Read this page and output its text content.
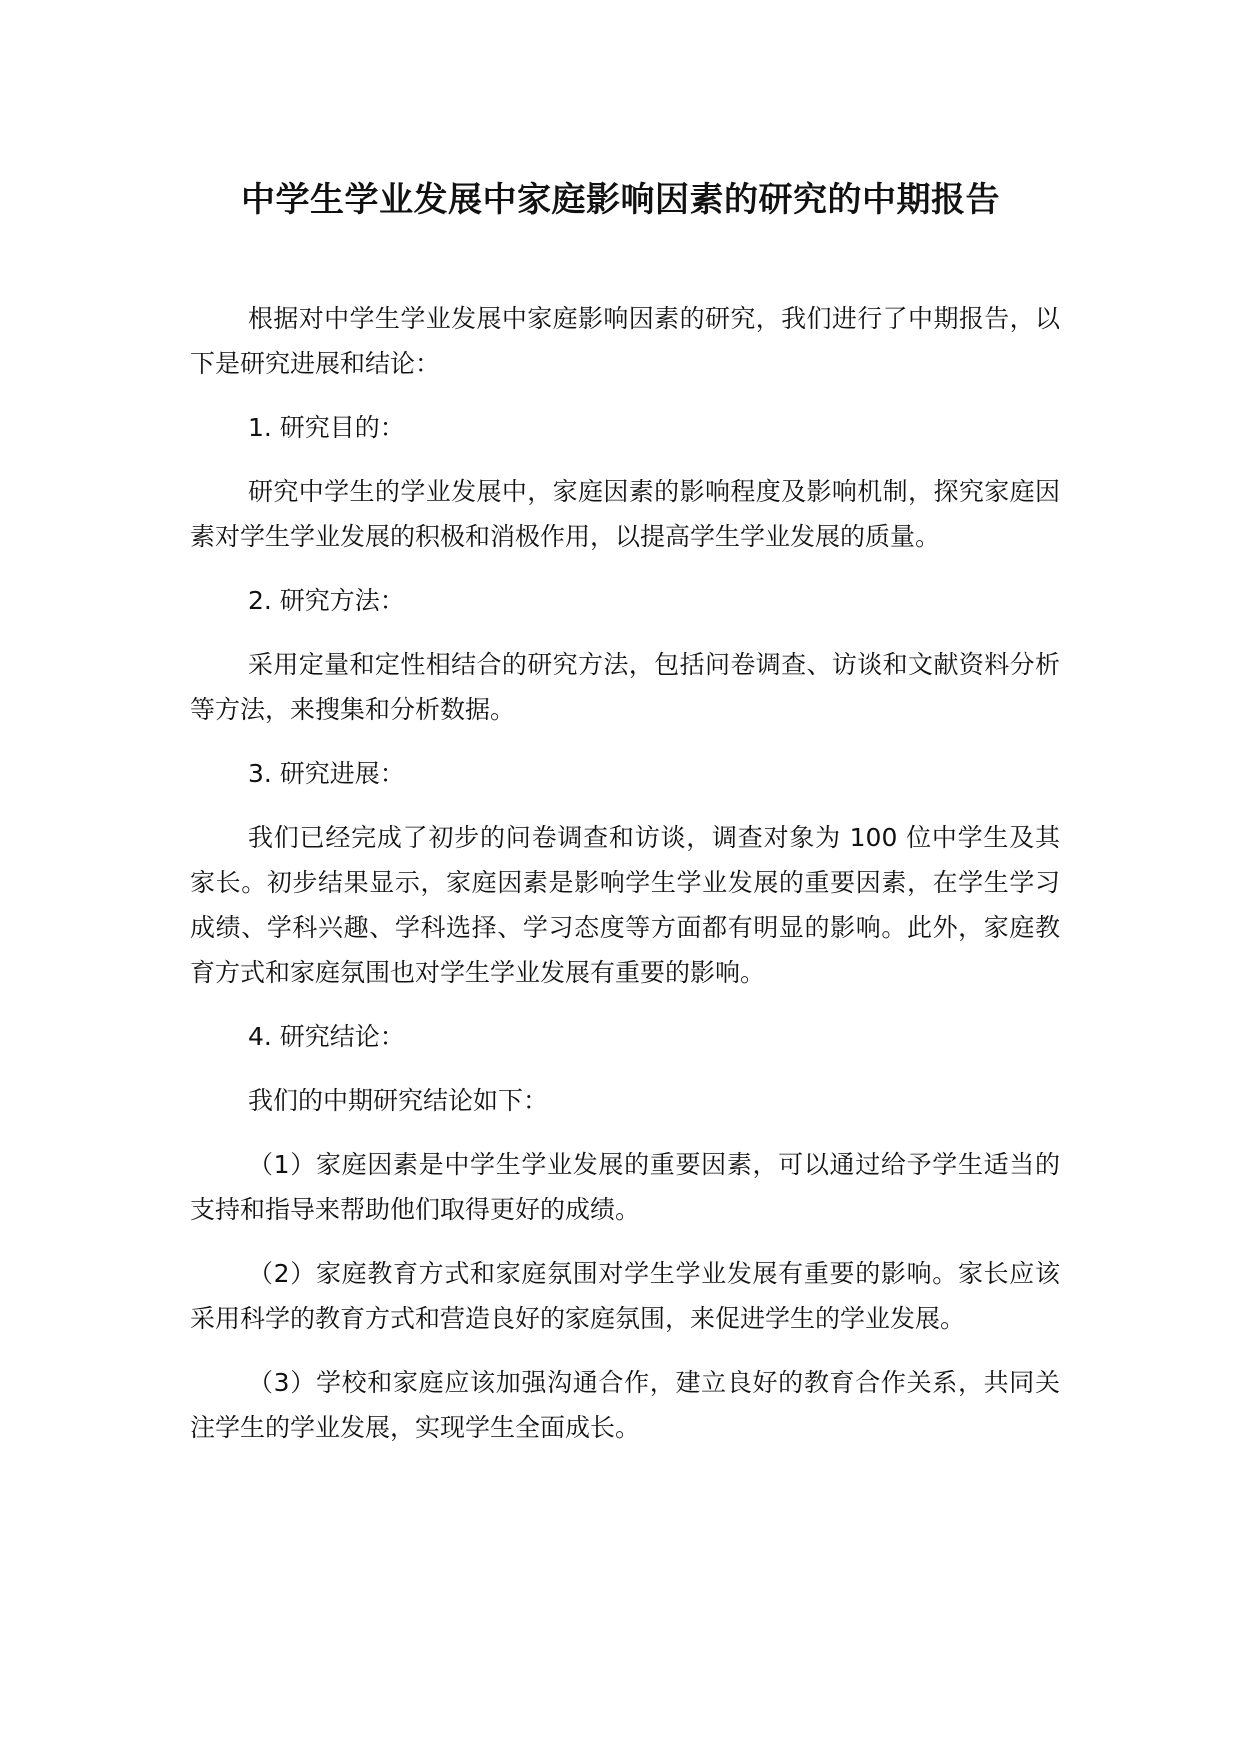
中学生学业发展中家庭影响因素的研究的中期报告

根据对中学生学业发展中家庭影响因素的研究，我们进行了中期报告，以下是研究进展和结论：

1. 研究目的：

研究中学生的学业发展中，家庭因素的影响程度及影响机制，探究家庭因素对学生学业发展的积极和消极作用，以提高学生学业发展的质量。

2. 研究方法：

采用定量和定性相结合的研究方法，包括问卷调查、访谈和文献资料分析等方法，来搜集和分析数据。

3. 研究进展：

我们已经完成了初步的问卷调查和访谈，调查对象为 100 位中学生及其家长。初步结果显示，家庭因素是影响学生学业发展的重要因素，在学生学习成绩、学科兴趣、学科选择、学习态度等方面都有明显的影响。此外，家庭教育方式和家庭氛围也对学生学业发展有重要的影响。

4. 研究结论：

我们的中期研究结论如下：

（1）家庭因素是中学生学业发展的重要因素，可以通过给予学生适当的支持和指导来帮助他们取得更好的成绩。

（2）家庭教育方式和家庭氛围对学生学业发展有重要的影响。家长应该采用科学的教育方式和营造良好的家庭氛围，来促进学生的学业发展。

（3）学校和家庭应该加强沟通合作，建立良好的教育合作关系，共同关注学生的学业发展，实现学生全面成长。
